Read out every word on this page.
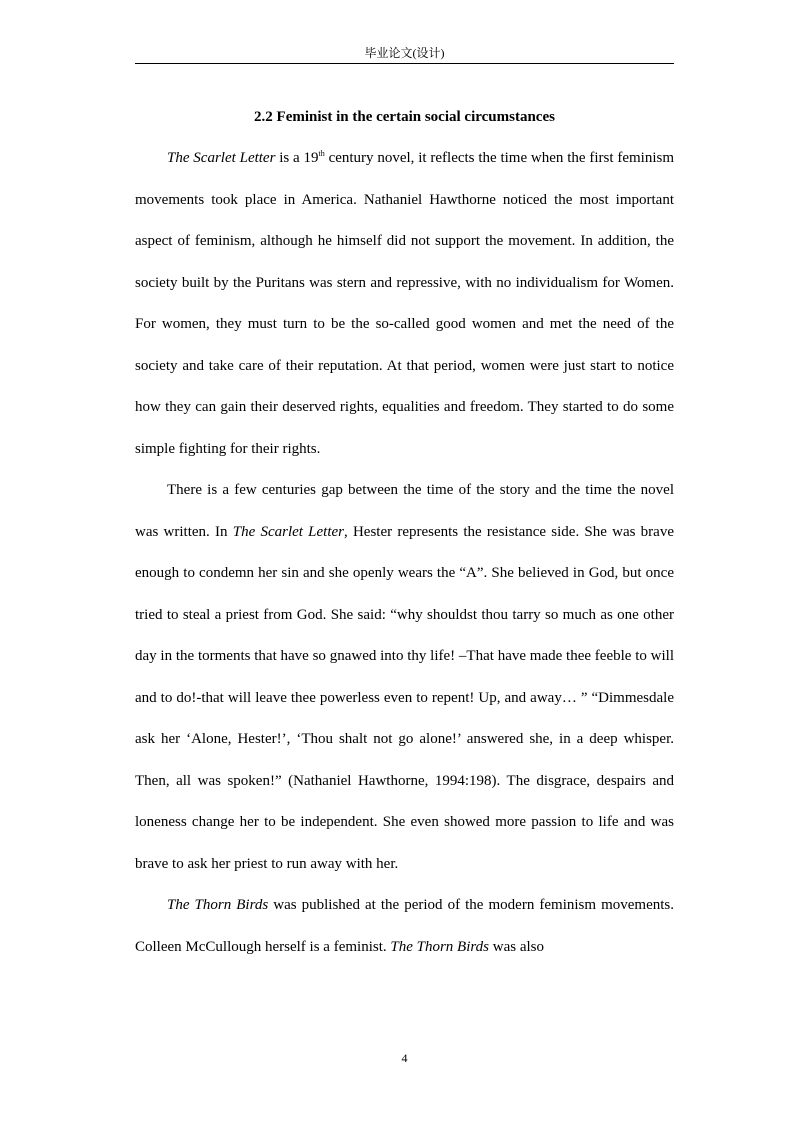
毕业论文(设计)
2.2 Feminist in the certain social circumstances

The Scarlet Letter is a 19th century novel, it reflects the time when the first feminism movements took place in America. Nathaniel Hawthorne noticed the most important aspect of feminism, although he himself did not support the movement. In addition, the society built by the Puritans was stern and repressive, with no individualism for Women. For women, they must turn to be the so-called good women and met the need of the society and take care of their reputation. At that period, women were just start to notice how they can gain their deserved rights, equalities and freedom. They started to do some simple fighting for their rights.

There is a few centuries gap between the time of the story and the time the novel was written. In The Scarlet Letter, Hester represents the resistance side. She was brave enough to condemn her sin and she openly wears the “A”. She believed in God, but once tried to steal a priest from God. She said: “why shouldst thou tarry so much as one other day in the torments that have so gnawed into thy life! –That have made thee feeble to will and to do!-that will leave thee powerless even to repent! Up, and away… ” “Dimmesdale ask her ‘Alone, Hester!’, ‘Thou shalt not go alone!’ answered she, in a deep whisper. Then, all was spoken!” (Nathaniel Hawthorne, 1994:198). The disgrace, despairs and loneness change her to be independent. She even showed more passion to life and was brave to ask her priest to run away with her.

The Thorn Birds was published at the period of the modern feminism movements. Colleen McCullough herself is a feminist. The Thorn Birds was also

4
